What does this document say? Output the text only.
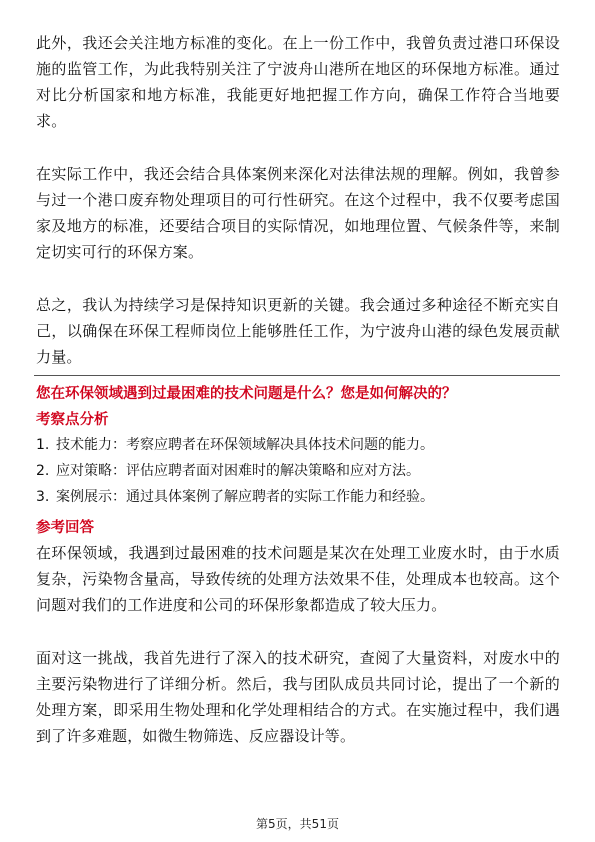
此外，我还会关注地方标准的变化。在上一份工作中，我曾负责过港口环保设施的监管工作，为此我特别关注了宁波舟山港所在地区的环保地方标准。通过对比分析国家和地方标准，我能更好地把握工作方向，确保工作符合当地要求。

在实际工作中，我还会结合具体案例来深化对法律法规的理解。例如，我曾参与过一个港口废弃物处理项目的可行性研究。在这个过程中，我不仅要考虑国家及地方的标准，还要结合项目的实际情况，如地理位置、气候条件等，来制定切实可行的环保方案。

总之，我认为持续学习是保持知识更新的关键。我会通过多种途径不断充实自己，以确保在环保工程师岗位上能够胜任工作，为宁波舟山港的绿色发展贡献力量。

您在环保领域遇到过最困难的技术问题是什么？您是如何解决的？

考察点分析

1. 技术能力：考察应聘者在环保领域解决具体技术问题的能力。

2. 应对策略：评估应聘者面对困难时的解决策略和应对方法。

3. 案例展示：通过具体案例了解应聘者的实际工作能力和经验。

参考回答

在环保领域，我遇到过最困难的技术问题是某次在处理工业废水时，由于水质复杂，污染物含量高，导致传统的处理方法效果不佳，处理成本也较高。这个问题对我们的工作进度和公司的环保形象都造成了较大压力。

面对这一挑战，我首先进行了深入的技术研究，查阅了大量资料，对废水中的主要污染物进行了详细分析。然后，我与团队成员共同讨论，提出了一个新的处理方案，即采用生物处理和化学处理相结合的方式。在实施过程中，我们遇到了许多难题，如微生物筛选、反应器设计等。

第5页，共51页
